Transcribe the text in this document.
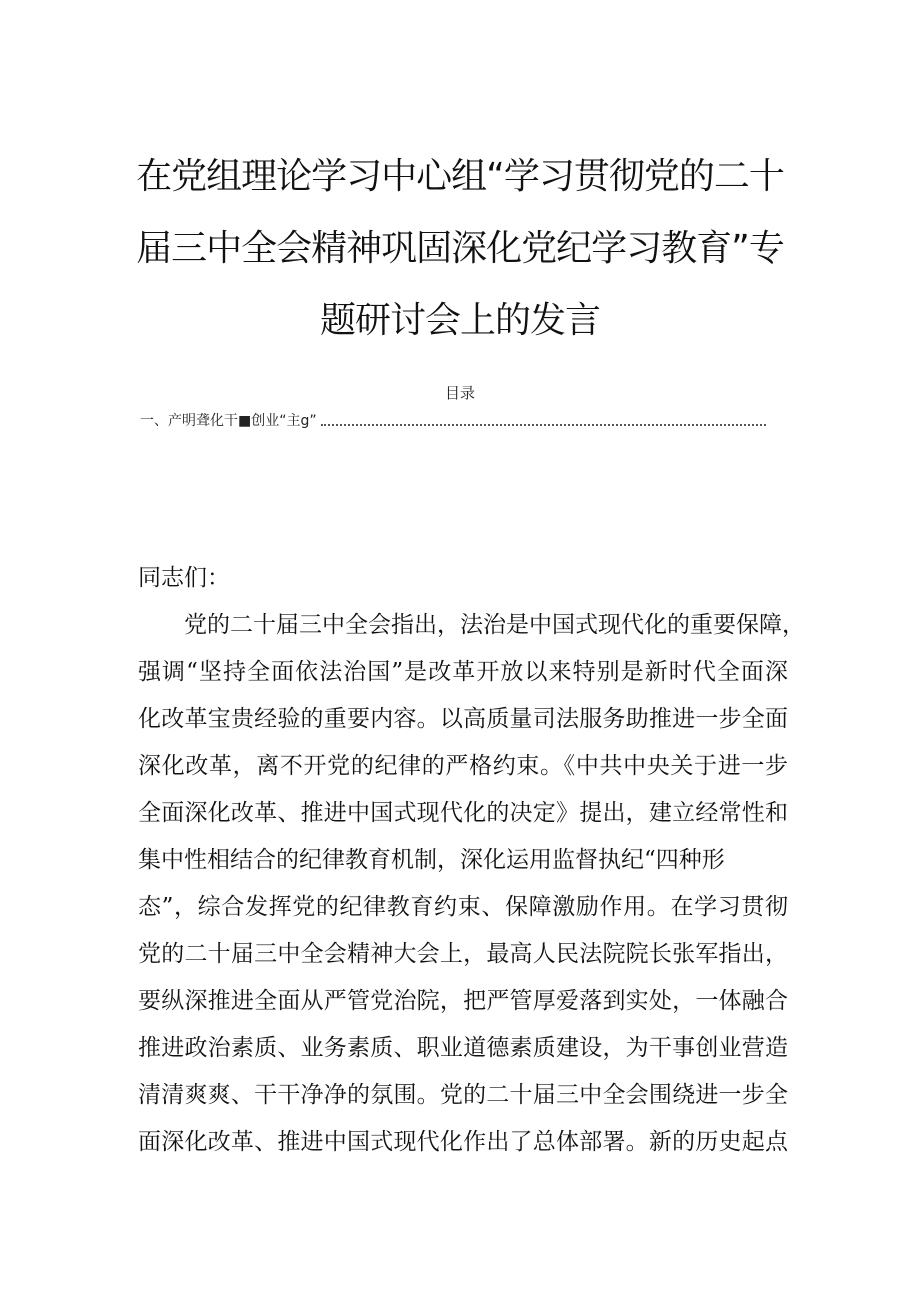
在党组理论学习中心组“学习贯彻党的二十
届三中全会精神巩固深化党纪学习教育”专
题研讨会上的发言
目录
一、产明聋化干■创业“主g”
同志们：
　　党的二十届三中全会指出，法治是中国式现代化的重要保障，
强调“坚持全面依法治国”是改革开放以来特别是新时代全面深
化改革宝贵经验的重要内容。以高质量司法服务助推进一步全面
深化改革，离不开党的纪律的严格约束。《中共中央关于进一步
全面深化改革、推进中国式现代化的决定》提出，建立经常性和
集中性相结合的纪律教育机制，深化运用监督执纪“四种形
态”，综合发挥党的纪律教育约束、保障激励作用。在学习贯彻
党的二十届三中全会精神大会上，最高人民法院院长张军指出，
要纵深推进全面从严管党治院，把严管厚爱落到实处，一体融合
推进政治素质、业务素质、职业道德素质建设，为干事创业营造
清清爽爽、干干净净的氛围。党的二十届三中全会围绕进一步全
面深化改革、推进中国式现代化作出了总体部署。新的历史起点
